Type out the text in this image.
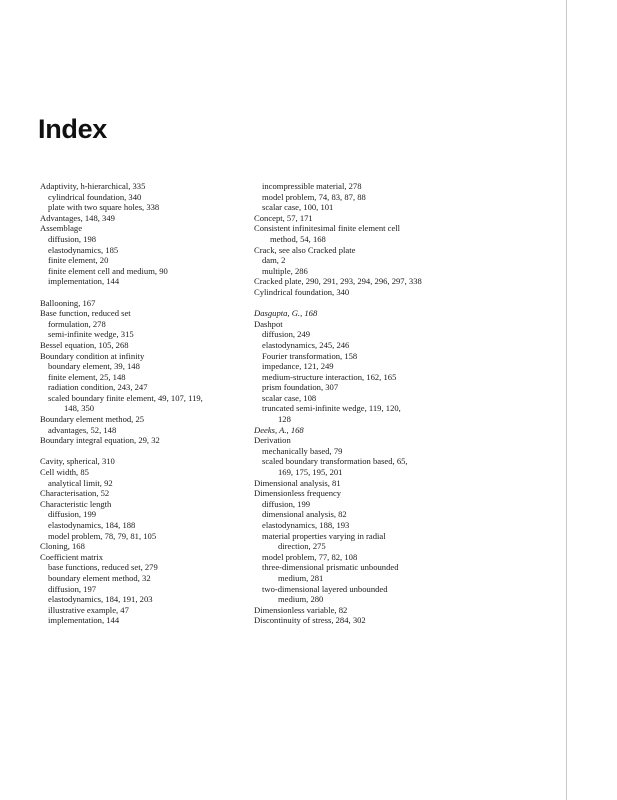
Index
Adaptivity, h-hierarchical, 335
cylindrical foundation, 340
plate with two square holes, 338
Advantages, 148, 349
Assemblage
diffusion, 198
elastodynamics, 185
finite element, 20
finite element cell and medium, 90
implementation, 144
Ballooning, 167
Base function, reduced set
formulation, 278
semi-infinite wedge, 315
Bessel equation, 105, 268
Boundary condition at infinity
boundary element, 39, 148
finite element, 25, 148
radiation condition, 243, 247
scaled boundary finite element, 49, 107, 119,
148, 350
Boundary element method, 25
advantages, 52, 148
Boundary integral equation, 29, 32
Cavity, spherical, 310
Cell width, 85
analytical limit, 92
Characterisation, 52
Characteristic length
diffusion, 199
elastodynamics, 184, 188
model problem, 78, 79, 81, 105
Cloning, 168
Coefficient matrix
base functions, reduced set, 279
boundary element method, 32
diffusion, 197
elastodynamics, 184, 191, 203
illustrative example, 47
implementation, 144
incompressible material, 278
model problem, 74, 83, 87, 88
scalar case, 100, 101
Concept, 57, 171
Consistent infinitesimal finite element cell
method, 54, 168
Crack, see also Cracked plate
dam, 2
multiple, 286
Cracked plate, 290, 291, 293, 294, 296, 297, 338
Cylindrical foundation, 340
Dasgupta, G., 168
Dashpot
diffusion, 249
elastodynamics, 245, 246
Fourier transformation, 158
impedance, 121, 249
medium-structure interaction, 162, 165
prism foundation, 307
scalar case, 108
truncated semi-infinite wedge, 119, 120,
128
Deeks, A., 168
Derivation
mechanically based, 79
scaled boundary transformation based, 65,
169, 175, 195, 201
Dimensional analysis, 81
Dimensionless frequency
diffusion, 199
dimensional analysis, 82
elastodynamics, 188, 193
material properties varying in radial
direction, 275
model problem, 77, 82, 108
three-dimensional prismatic unbounded
medium, 281
two-dimensional layered unbounded
medium, 280
Dimensionless variable, 82
Discontinuity of stress, 284, 302
